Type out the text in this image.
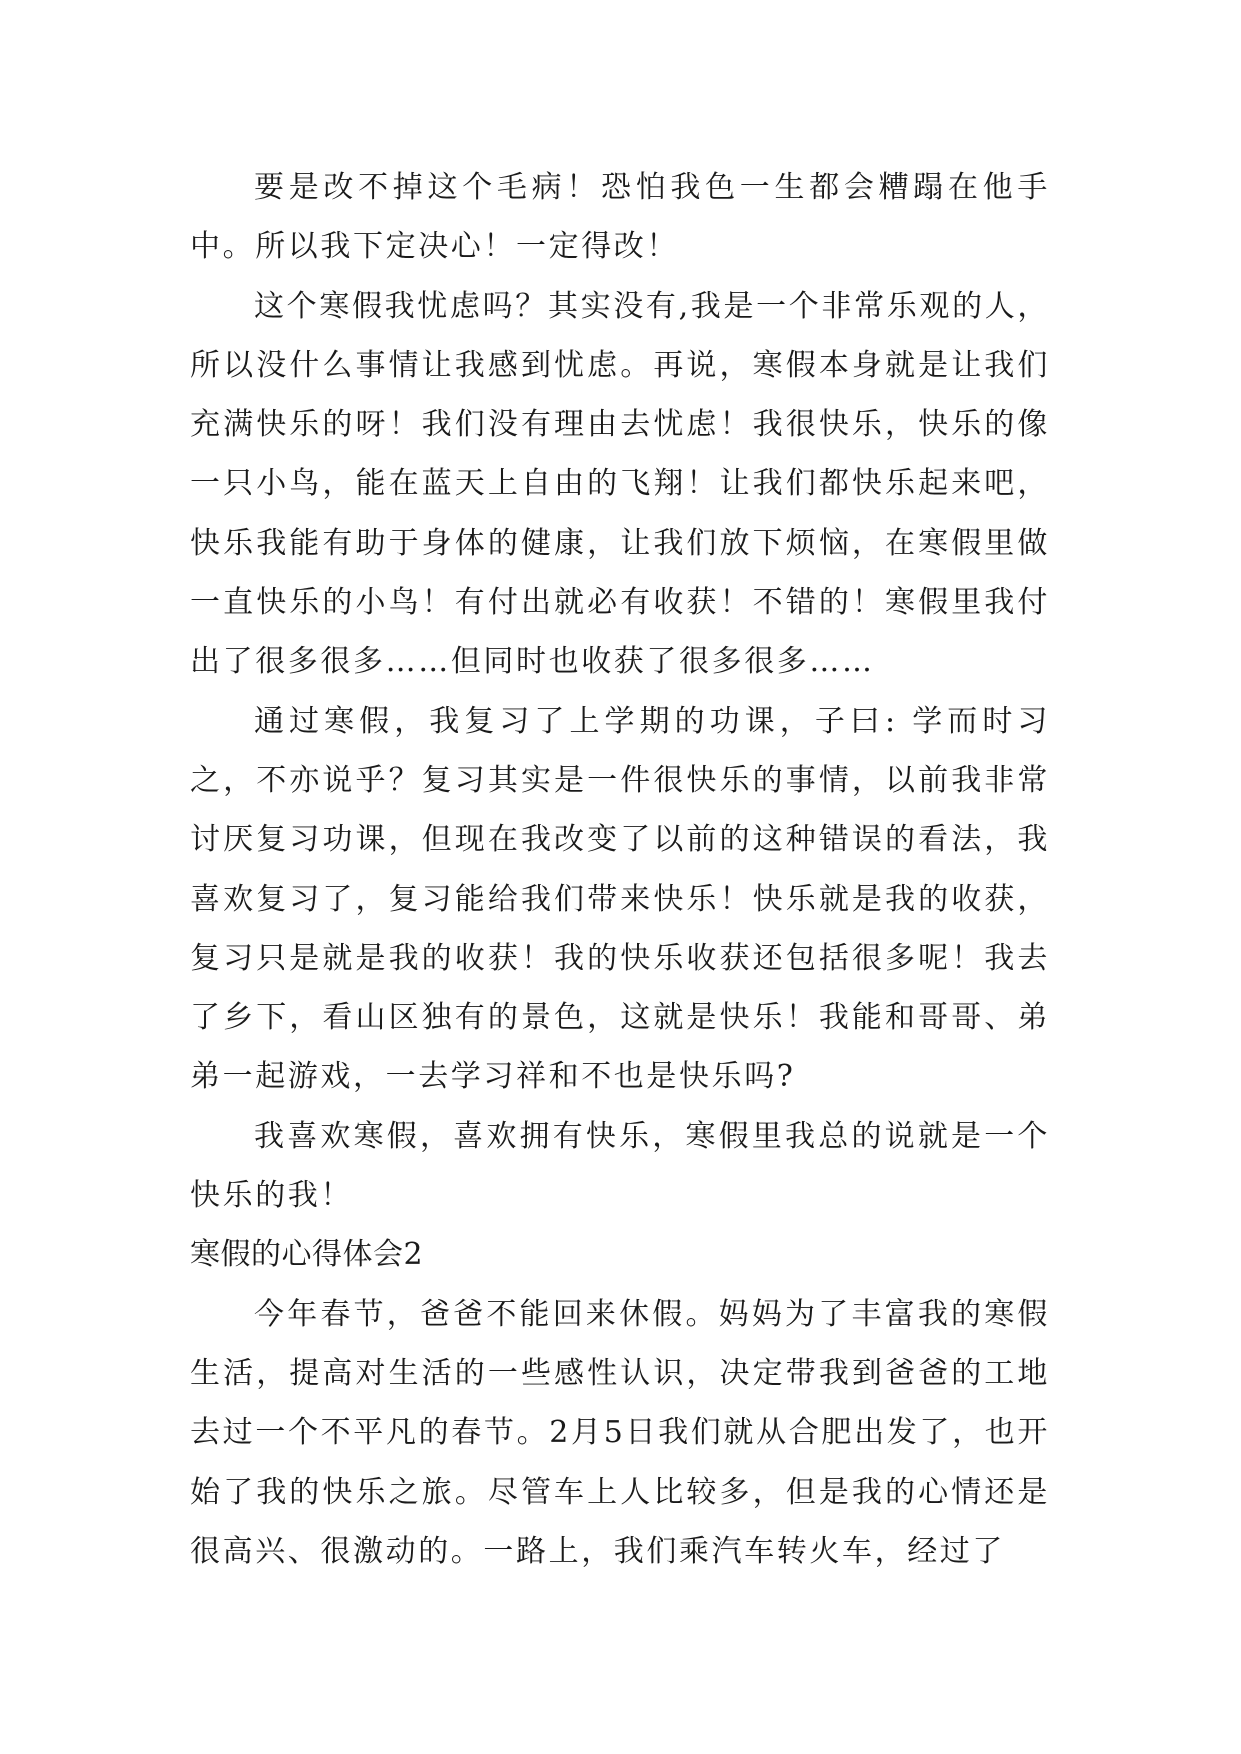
要是改不掉这个毛病！恐怕我色一生都会糟蹋在他手中。所以我下定决心！一定得改！

这个寒假我忧虑吗？其实没有,我是一个非常乐观的人，所以没什么事情让我感到忧虑。再说，寒假本身就是让我们充满快乐的呀！我们没有理由去忧虑！我很快乐，快乐的像一只小鸟，能在蓝天上自由的飞翔！让我们都快乐起来吧，快乐我能有助于身体的健康，让我们放下烦恼，在寒假里做一直快乐的小鸟！有付出就必有收获！不错的！寒假里我付出了很多很多……但同时也收获了很多很多……

通过寒假，我复习了上学期的功课，子曰: 学而时习之，不亦说乎？复习其实是一件很快乐的事情，以前我非常讨厌复习功课，但现在我改变了以前的这种错误的看法，我喜欢复习了，复习能给我们带来快乐！快乐就是我的收获，复习只是就是我的收获！我的快乐收获还包括很多呢！我去了乡下，看山区独有的景色，这就是快乐！我能和哥哥、弟弟一起游戏，一去学习祥和不也是快乐吗?

我喜欢寒假，喜欢拥有快乐，寒假里我总的说就是一个快乐的我！

寒假的心得体会2

今年春节，爸爸不能回来休假。妈妈为了丰富我的寒假生活，提高对生活的一些感性认识，决定带我到爸爸的工地去过一个不平凡的春节。2月5日我们就从合肥出发了，也开始了我的快乐之旅。尽管车上人比较多，但是我的心情还是很高兴、很激动的。一路上，我们乘汽车转火车，经过了
